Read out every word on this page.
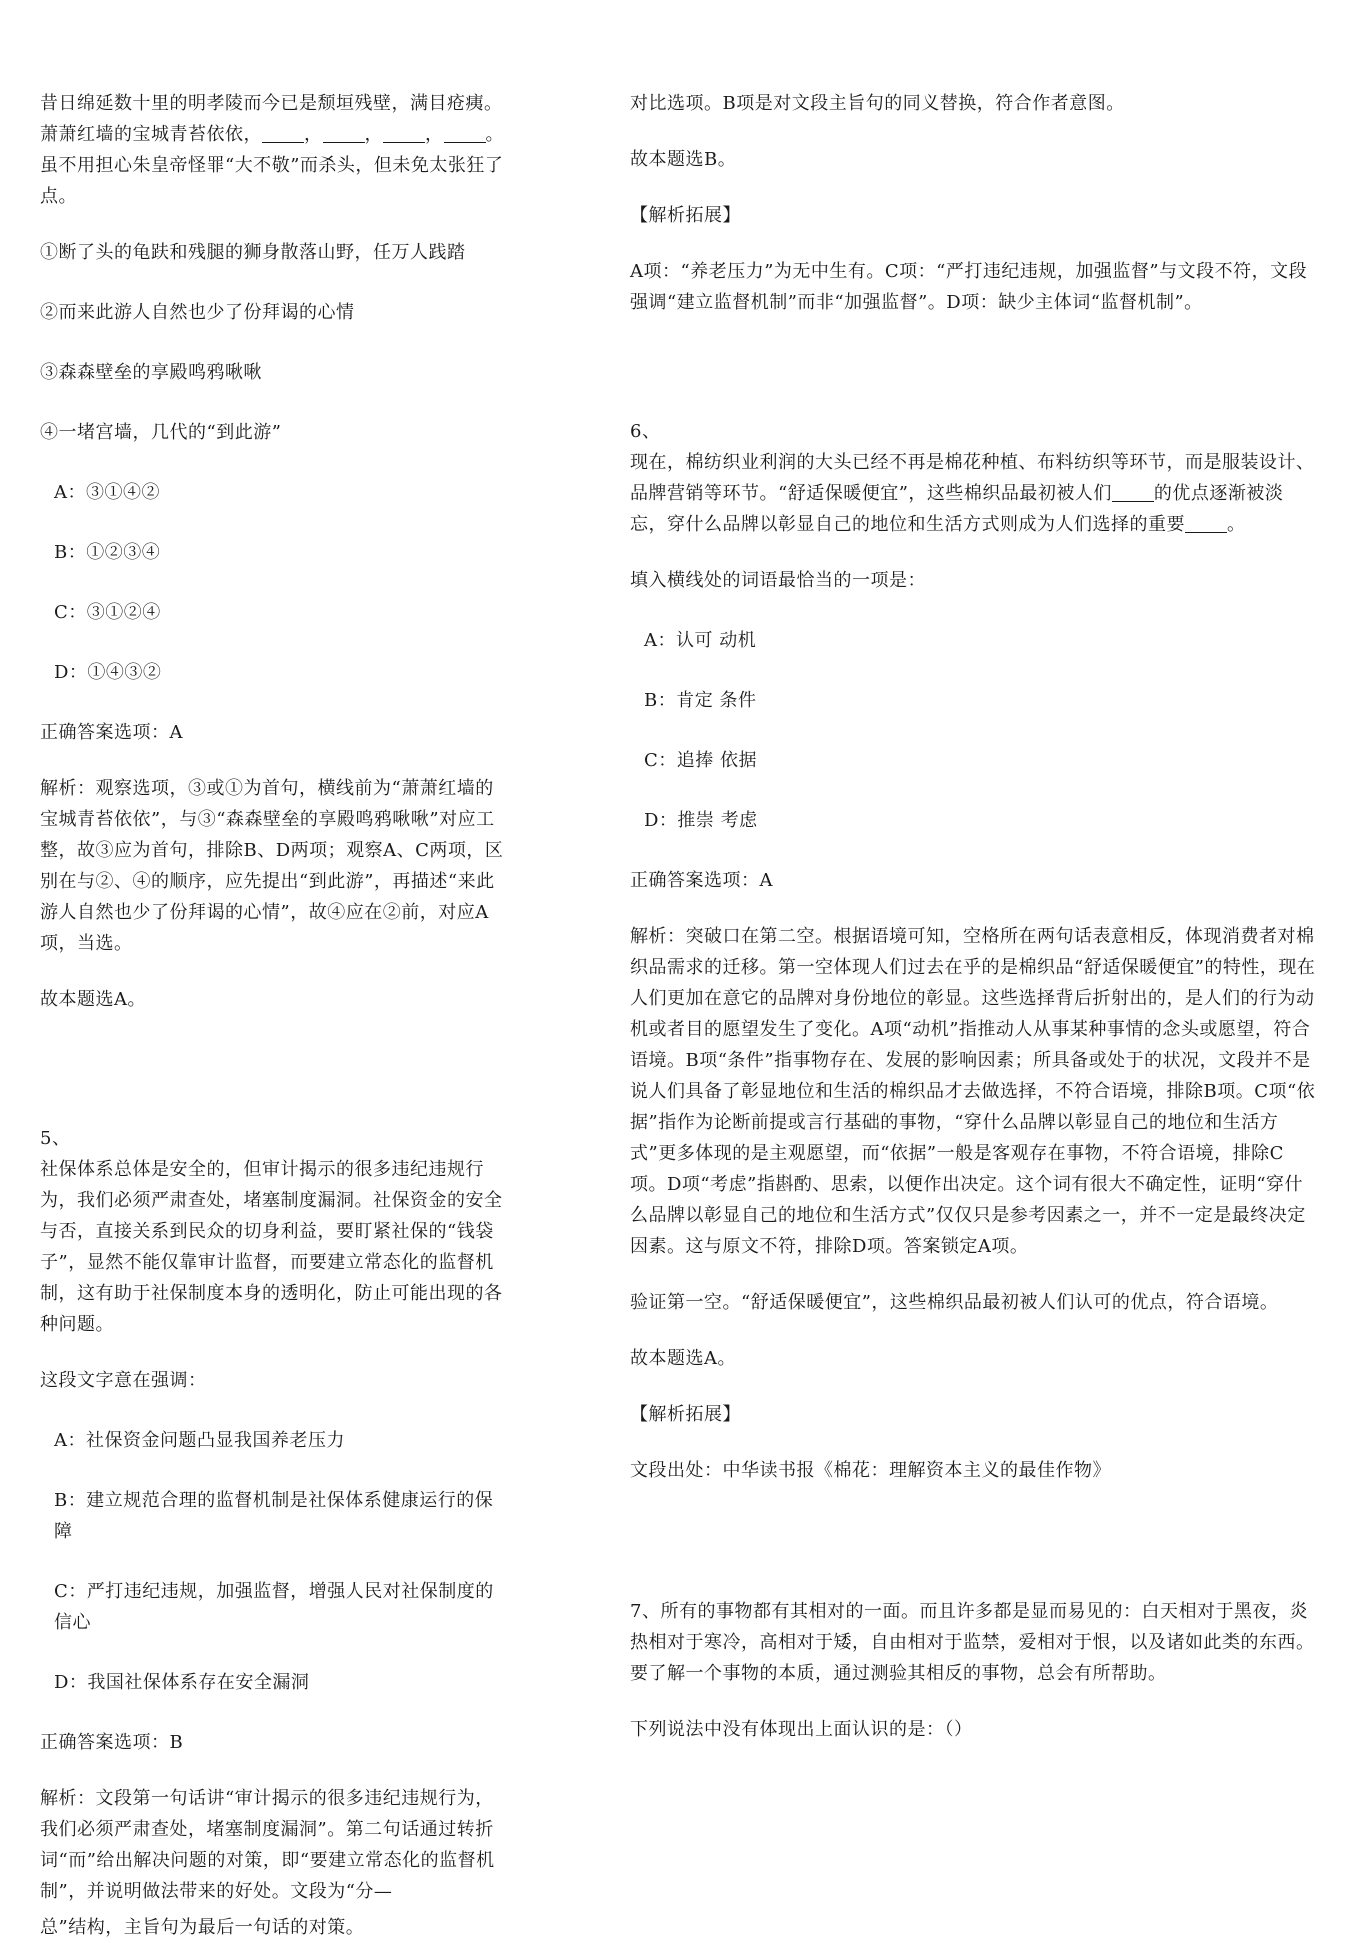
昔日绵延数十里的明孝陵而今已是颓垣残壁，满目疮痍。萧萧红墙的宝城青苔依依， ， ， ， 。虽不用担心朱皇帝怪罪“大不敬”而杀头，但未免太张狂了点。

①断了头的龟趺和残腿的狮身散落山野，任万人践踏

②而来此游人自然也少了份拜谒的心情

③森森壁垒的享殿鸣鸦啾啾

④一堵宫墙，几代的“到此游”

A：③①④②

B：①②③④

C：③①②④

D：①④③②

正确答案选项：A

解析：观察选项，③或①为首句，横线前为“萧萧红墙的宝城青苔依依”，与③“森森壁垒的享殿鸣鸦啾啾”对应工整，故③应为首句，排除B、D两项；观察A、C两项，区别在与②、④的顺序，应先提出“到此游”，再描述“来此游人自然也少了份拜谒的心情”，故④应在②前，对应A项，当选。

故本题选A。

5、

社保体系总体是安全的，但审计揭示的很多违纪违规行为，我们必须严肃查处，堵塞制度漏洞。社保资金的安全与否，直接关系到民众的切身利益，要盯紧社保的“钱袋子”，显然不能仅靠审计监督，而要建立常态化的监督机制，这有助于社保制度本身的透明化，防止可能出现的各种问题。

这段文字意在强调：

A：社保资金问题凸显我国养老压力

B：建立规范合理的监督机制是社保体系健康运行的保障

C：严打违纪违规，加强监督，增强人民对社保制度的信心

D：我国社保体系存在安全漏洞

正确答案选项：B

解析：文段第一句话讲“审计揭示的很多违纪违规行为，我们必须严肃查处，堵塞制度漏洞”。第二句话通过转折词“而”给出解决问题的对策，即“要建立常态化的监督机制”，并说明做法带来的好处。文段为“分—

总”结构，主旨句为最后一句话的对策。

对比选项。B项是对文段主旨句的同义替换，符合作者意图。

故本题选B。

【解析拓展】

A项：“养老压力”为无中生有。C项：“严打违纪违规，加强监督”与文段不符，文段强调“建立监督机制”而非“加强监督”。D项：缺少主体词“监督机制”。

6、

现在，棉纺织业利润的大头已经不再是棉花种植、布料纺织等环节，而是服装设计、品牌营销等环节。“舒适保暖便宜”，这些棉织品最初被人们 的优点逐渐被淡忘，穿什么品牌以彰显自己的地位和生活方式则成为人们选择的重要 。

填入横线处的词语最恰当的一项是：

A：认可 动机

B：肯定 条件

C：追捧 依据

D：推崇 考虑

正确答案选项：A

解析：突破口在第二空。根据语境可知，空格所在两句话表意相反，体现消费者对棉织品需求的迁移。第一空体现人们过去在乎的是棉织品“舒适保暖便宜”的特性，现在人们更加在意它的品牌对身份地位的彰显。这些选择背后折射出的，是人们的行为动机或者目的愿望发生了变化。A项“动机”指推动人从事某种事情的念头或愿望，符合语境。B项“条件”指事物存在、发展的影响因素；所具备或处于的状况，文段并不是说人们具备了彰显地位和生活的棉织品才去做选择，不符合语境，排除B项。C项“依据”指作为论断前提或言行基础的事物，“穿什么品牌以彰显自己的地位和生活方式”更多体现的是主观愿望，而“依据”一般是客观存在事物，不符合语境，排除C项。D项“考虑”指斟酌、思索，以便作出决定。这个词有很大不确定性，证明“穿什么品牌以彰显自己的地位和生活方式”仅仅只是参考因素之一，并不一定是最终决定因素。这与原文不符，排除D项。答案锁定A项。

验证第一空。“舒适保暖便宜”，这些棉织品最初被人们认可的优点，符合语境。

故本题选A。

【解析拓展】

文段出处：中华读书报《棉花：理解资本主义的最佳作物》

7、所有的事物都有其相对的一面。而且许多都是显而易见的：白天相对于黑夜，炎热相对于寒冷，高相对于矮，自由相对于监禁，爱相对于恨，以及诸如此类的东西。要了解一个事物的本质，通过测验其相反的事物，总会有所帮助。

下列说法中没有体现出上面认识的是：（）
